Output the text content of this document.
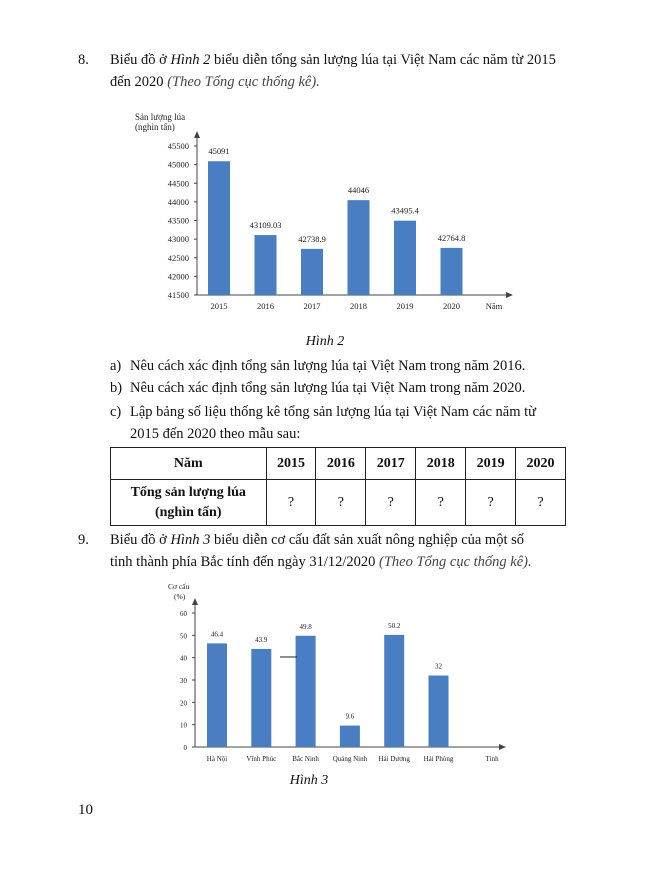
8. Biểu đồ ở Hình 2 biểu diễn tổng sản lượng lúa tại Việt Nam các năm từ 2015
đến 2020 (Theo Tổng cục thống kê).
Sản lượng lúa
(nghìn tấn)
41500
42000
42500
43000
43500
44000
44500
45000
45500
45091
2015
43109.03
2016
42738.9
2017
44046
2018
43495.4
2019
42764.8
2020	Năm
Cơ cấu
(%)
0
10
20
30
40
50
60
46.4
Hà Nội
43.9
Vĩnh Phúc
49.8
Bắc Ninh
9.6
Quảng Ninh
50.2
Hải Dương
32
Hải Phòng	Tỉnh
Hình 2
a) Nêu cách xác định tổng sản lượng lúa tại Việt Nam trong năm 2016.
b) Nêu cách xác định tổng sản lượng lúa tại Việt Nam trong năm 2020.
c) Lập bảng số liệu thống kê tổng sản lượng lúa tại Việt Nam các năm từ
2015 đến 2020 theo mẫu sau:
Năm	2015	2016	2017	2018	2019	2020
Tổng sản lượng lúa
(nghìn tấn)	?	?	?	?	?	?
9. Biểu đồ ở Hình 3 biểu diễn cơ cấu đất sản xuất nông nghiệp của một số
tỉnh thành phía Bắc tính đến ngày 31/12/2020 (Theo Tổng cục thống kê).
Hình 3
10
